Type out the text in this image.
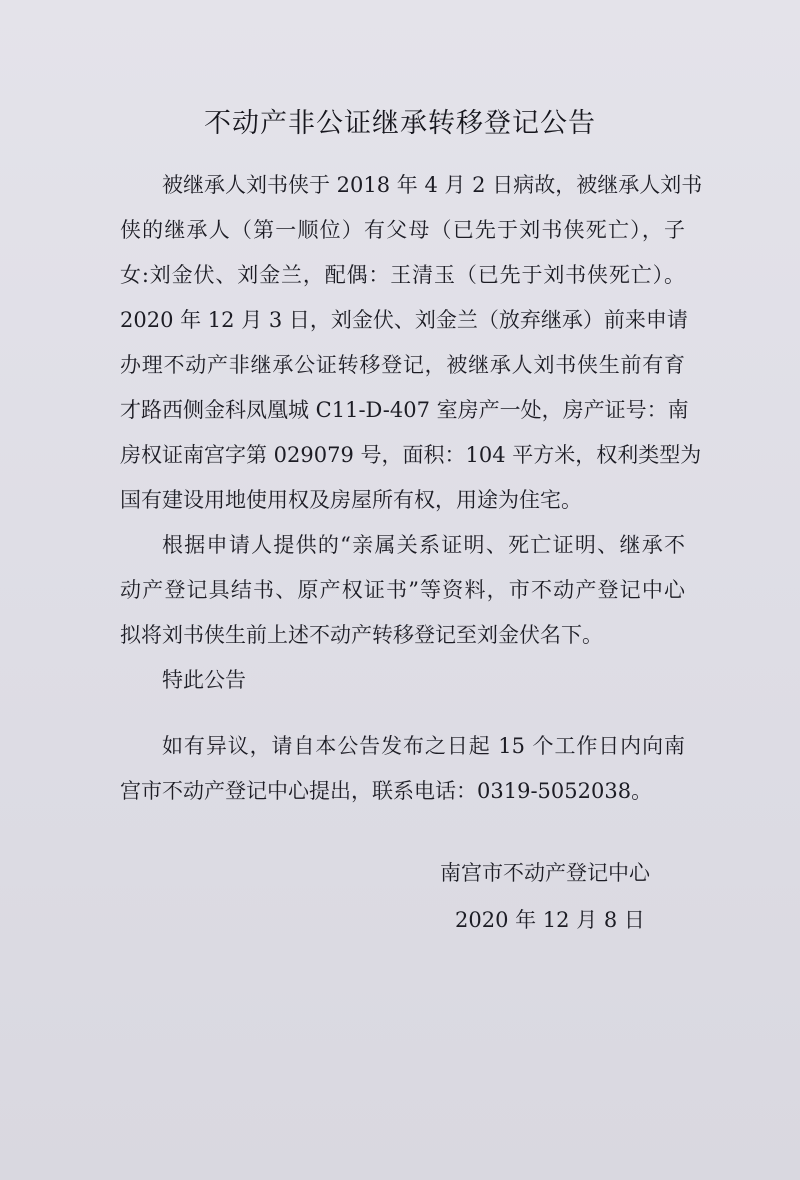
不动产非公证继承转移登记公告
被继承人刘书侠于 2018 年 4 月 2 日病故，被继承人刘书
侠的继承人（第一顺位）有父母（已先于刘书侠死亡），子
女:刘金伏、刘金兰，配偶：王清玉（已先于刘书侠死亡）。
2020 年 12 月 3 日，刘金伏、刘金兰（放弃继承）前来申请
办理不动产非继承公证转移登记，被继承人刘书侠生前有育
才路西侧金科凤凰城 C11-D-407 室房产一处，房产证号：南
房权证南宫字第 029079 号，面积：104 平方米，权利类型为
国有建设用地使用权及房屋所有权，用途为住宅。
根据申请人提供的“亲属关系证明、死亡证明、继承不
动产登记具结书、原产权证书”等资料，市不动产登记中心
拟将刘书侠生前上述不动产转移登记至刘金伏名下。
特此公告
如有异议，请自本公告发布之日起 15 个工作日内向南
宫市不动产登记中心提出，联系电话：0319-5052038。
南宫市不动产登记中心
2020 年 12 月 8 日
